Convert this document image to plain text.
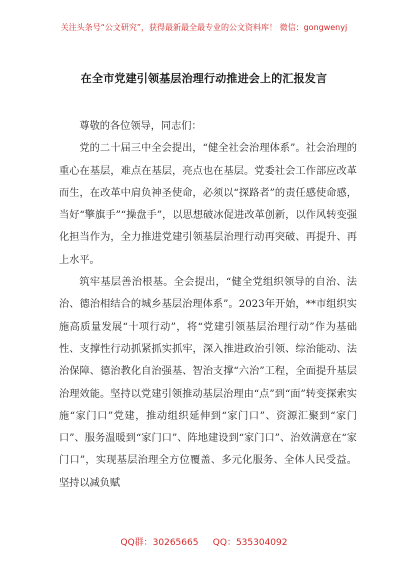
关注头条号“公文研究”，获得最新最全最专业的公文资料库！ 微信：gongwenyj
在全市党建引领基层治理行动推进会上的汇报发言

尊敬的各位领导，同志们：

党的二十届三中全会提出，“健全社会治理体系”。社会治理的重心在基层，难点在基层，亮点也在基层。党委社会工作部应改革而生，在改革中肩负神圣使命，必须以“探路者”的责任感使命感，当好“擎旗手”“操盘手”，以思想破冰促进改革创新，以作风转变强化担当作为，全力推进党建引领基层治理行动再突破、再提升、再上水平。

筑牢基层善治根基。全会提出，“健全党组织领导的自治、法治、德治相结合的城乡基层治理体系”。2023年开始，**市组织实施高质量发展“十项行动”，将“党建引领基层治理行动”作为基础性、支撑性行动抓紧抓实抓牢，深入推进政治引领、综治能动、法治保障、德治教化自治强基、智治支撑“六治”工程，全面提升基层治理效能。坚持以党建引领推动基层治理由“点”到“面”转变探索实施“家门口”党建，推动组织延伸到“家门口”、资源汇聚到“家门口”、服务温暖到“家门口”、阵地建设到“家门口”、治效满意在“家门口”，实现基层治理全方位覆盖、多元化服务、全体人民受益。坚持以减负赋

QQ群：30265665 QQ：535304092
